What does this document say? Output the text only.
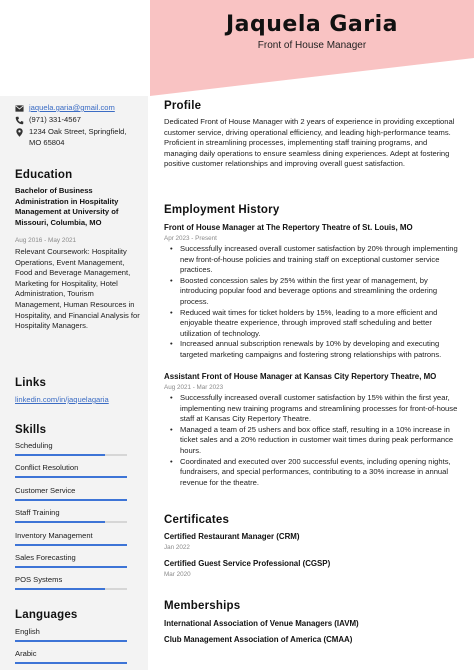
Jaquela Garia
Front of House Manager
jaquela.garia@gmail.com
(971) 331-4567
1234 Oak Street, Springfield,
MO 65804
Education
Bachelor of Business Administration in Hospitality Management at University of Missouri, Columbia, MO
Aug 2016 - May 2021
Relevant Coursework: Hospitality Operations, Event Management, Food and Beverage Management, Marketing for Hospitality, Hotel Administration, Tourism Management, Human Resources in Hospitality, and Financial Analysis for Hospitality Managers.
Links
linkedin.com/in/jaquelagaria
Skills
Scheduling
Conflict Resolution
Customer Service
Staff Training
Inventory Management
Sales Forecasting
POS Systems
Languages
English
Arabic
Profile
Dedicated Front of House Manager with 2 years of experience in providing exceptional customer service, driving operational efficiency, and leading high-performance teams. Proficient in streamlining processes, implementing staff training programs, and managing daily operations to ensure seamless dining experiences. Adept at fostering positive customer relationships and improving overall guest satisfaction.
Employment History
Front of House Manager at The Repertory Theatre of St. Louis, MO
Apr 2023 - Present
• Successfully increased overall customer satisfaction by 20% through implementing new front-of-house policies and training staff on exceptional customer service practices.
• Boosted concession sales by 25% within the first year of management, by introducing popular food and beverage options and streamlining the ordering process.
• Reduced wait times for ticket holders by 15%, leading to a more efficient and enjoyable theatre experience, through improved staff scheduling and better utilization of technology.
• Increased annual subscription renewals by 10% by developing and executing targeted marketing campaigns and fostering strong relationships with patrons.
Assistant Front of House Manager at Kansas City Repertory Theatre, MO
Aug 2021 - Mar 2023
• Successfully increased overall customer satisfaction by 15% within the first year, implementing new training programs and streamlining processes for front-of-house staff at Kansas City Repertory Theatre.
• Managed a team of 25 ushers and box office staff, resulting in a 10% increase in ticket sales and a 20% reduction in customer wait times during peak performance hours.
• Coordinated and executed over 200 successful events, including opening nights, fundraisers, and special performances, contributing to a 30% increase in annual revenue for the theatre.
Certificates
Certified Restaurant Manager (CRM)
Jan 2022
Certified Guest Service Professional (CGSP)
Mar 2020
Memberships
International Association of Venue Managers (IAVM)
Club Management Association of America (CMAA)
